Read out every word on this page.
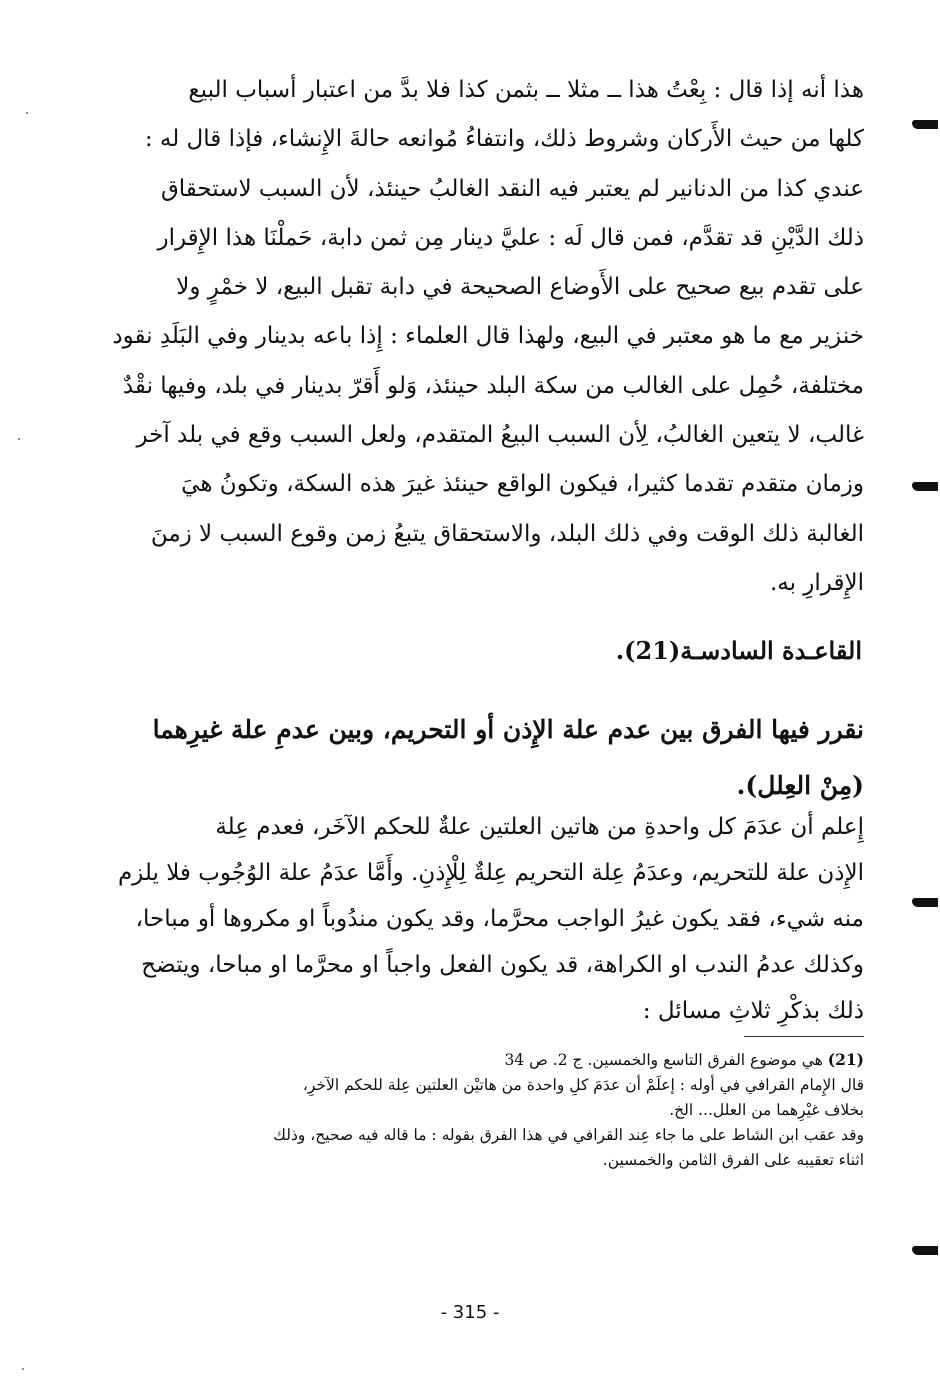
هذا أنه إذا قال : بِعْتُ هذا ــ مثلا ــ بثمن كذا فلا بدَّ من اعتبار أسباب البيع
كلها من حيث الأَركان وشروط ذلك، وانتفاءُ مُوانعه حالةَ الإِنشاء، فإذا قال له :
عندي كذا من الدنانير لم يعتبر فيه النقد الغالبُ حينئذ، لأن السبب لاستحقاق
ذلك الدَّيْنِ قد تقدَّم، فمن قال لَه : عليَّ دينار مِن ثمن دابة، حَملْنَا هذا الإِقرار
على تقدم بيع صحيح على الأَوضاع الصحيحة في دابة تقبل البيع، لا خمْرٍ ولا
خنزير مع ما هو معتبر في البيع، ولهذا قال العلماء : إِذا باعه بدينار وفي البَلَدِ نقود
مختلفة، حُمِل على الغالب من سكة البلد حينئذ، وَلو أَقرّ بدينار في بلد، وفيها نقْدٌ
غالب، لا يتعين الغالبُ، لِأن السبب البيعُ المتقدم، ولعل السبب وقع في بلد آخر
وزمان متقدم تقدما كثيرا، فيكون الواقع حينئذ غيرَ هذه السكة، وتكونُ هيَ
الغالبة ذلك الوقت وفي ذلك البلد، والاستحقاق يتبعُ زمن وقوع السبب لا زمنَ
الإِقرارِ به.
القاعـدة السادسـة(21).
نقرر فيها الفرق بين عدم علة الإِذن أو التحريم، وبين عدمِ علة غيرِهما
(مِنْ العِلل).
إِعلم أن عدَمَ كل واحدةِ من هاتين العلتين علةٌ للحكم الآخَر، فعدم عِلة
الإِذن علة للتحريم، وعدَمُ عِلة التحريم عِلةٌ لِلْإِذنِ. وأَمَّا عدَمُ علة الوُجُوب فلا يلزم
منه شيء، فقد يكون غيرُ الواجب محرَّما، وقد يكون مندُوباً او مكروها أو مباحا،
وكذلك عدمُ الندب او الكراهة، قد يكون الفعل واجباً او محرَّما او مباحا، ويتضح
ذلك بذكْرِ ثلاثِ مسائل :
(21) هي موضوع الفرق التاسع والخمسين. ج 2. ص 34
قال الإِمام القرافي في أوله : إعلَمْ أن عدَمَ كلِ واحدة من هاتيْن العلتين عِلة للحكم الآخرِ،
بخلاف غيْرِهما من العلل... الخ.
وقد عقب ابن الشاط على ما جاء عِند القرافي في هذا الفرق بقوله : ما قاله فيه صحيح، وذلك
اثناء تعقيبه على الفرق الثامن والخمسين.
- 315 -
